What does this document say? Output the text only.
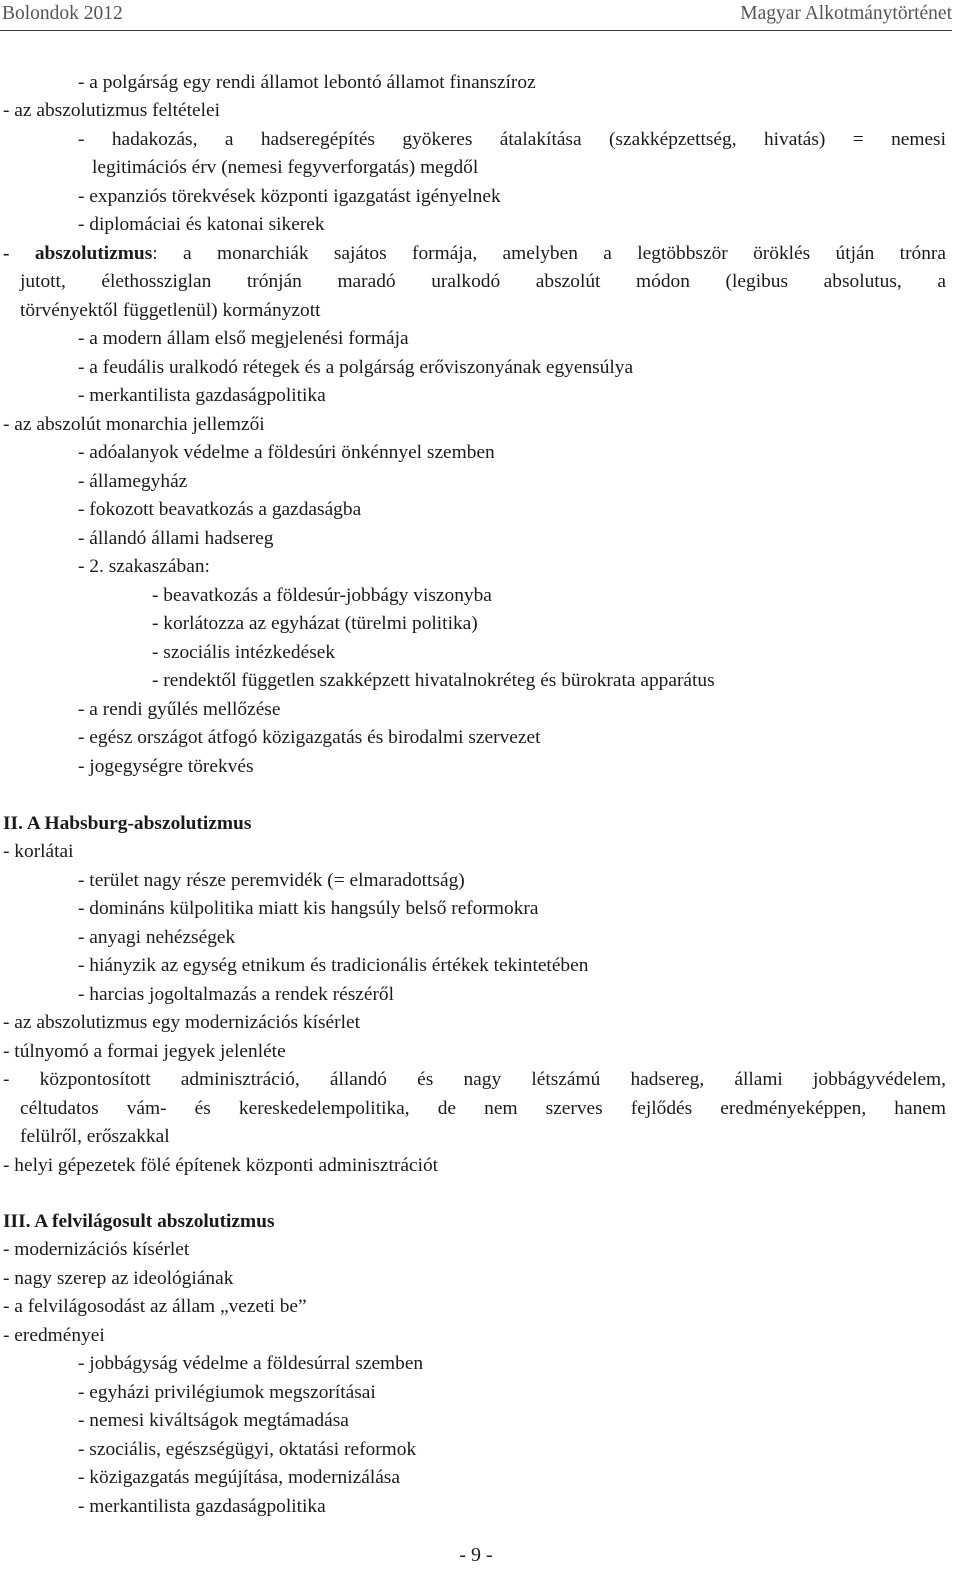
Bolondok 2012	Magyar Alkotmánytörténet
- a polgárság egy rendi államot lebontó államot finanszíroz
- az abszolutizmus feltételei
- hadakozás, a hadseregépítés gyökeres átalakítása (szakképzettség, hivatás) = nemesi
legitimációs érv (nemesi fegyverforgatás) megdől
- expanziós törekvések központi igazgatást igényelnek
- diplomáciai és katonai sikerek
- abszolutizmus: a monarchiák sajátos formája, amelyben a legtöbbször öröklés útján trónra
jutott, élethossziglan trónján maradó uralkodó abszolút módon (legibus absolutus, a
törvényektől függetlenül) kormányzott
- a modern állam első megjelenési formája
- a feudális uralkodó rétegek és a polgárság erőviszonyának egyensúlya
- merkantilista gazdaságpolitika
- az abszolút monarchia jellemzői
- adóalanyok védelme a földesúri önkénnyel szemben
- államegyház
- fokozott beavatkozás a gazdaságba
- állandó állami hadsereg
- 2. szakaszában:
- beavatkozás a földesúr-jobbágy viszonyba
- korlátozza az egyházat (türelmi politika)
- szociális intézkedések
- rendektől független szakképzett hivatalnokréteg és bürokrata apparátus
- a rendi gyűlés mellőzése
- egész országot átfogó közigazgatás és birodalmi szervezet
- jogegységre törekvés
II. A Habsburg-abszolutizmus
- korlátai
- terület nagy része peremvidék (= elmaradottság)
- domináns külpolitika miatt kis hangsúly belső reformokra
- anyagi nehézségek
- hiányzik az egység etnikum és tradicionális értékek tekintetében
- harcias jogoltalmazás a rendek részéről
- az abszolutizmus egy modernizációs kísérlet
- túlnyomó a formai jegyek jelenléte
- központosított adminisztráció, állandó és nagy létszámú hadsereg, állami jobbágyvédelem,
céltudatos vám- és kereskedelempolitika, de nem szerves fejlődés eredményeképpen, hanem
felülről, erőszakkal
- helyi gépezetek fölé építenek központi adminisztrációt
III. A felvilágosult abszolutizmus
- modernizációs kísérlet
- nagy szerep az ideológiának
- a felvilágosodást az állam „vezeti be”
- eredményei
- jobbágyság védelme a földesúrral szemben
- egyházi privilégiumok megszorításai
- nemesi kiváltságok megtámadása
- szociális, egészségügyi, oktatási reformok
- közigazgatás megújítása, modernizálása
- merkantilista gazdaságpolitika
- 9 -
